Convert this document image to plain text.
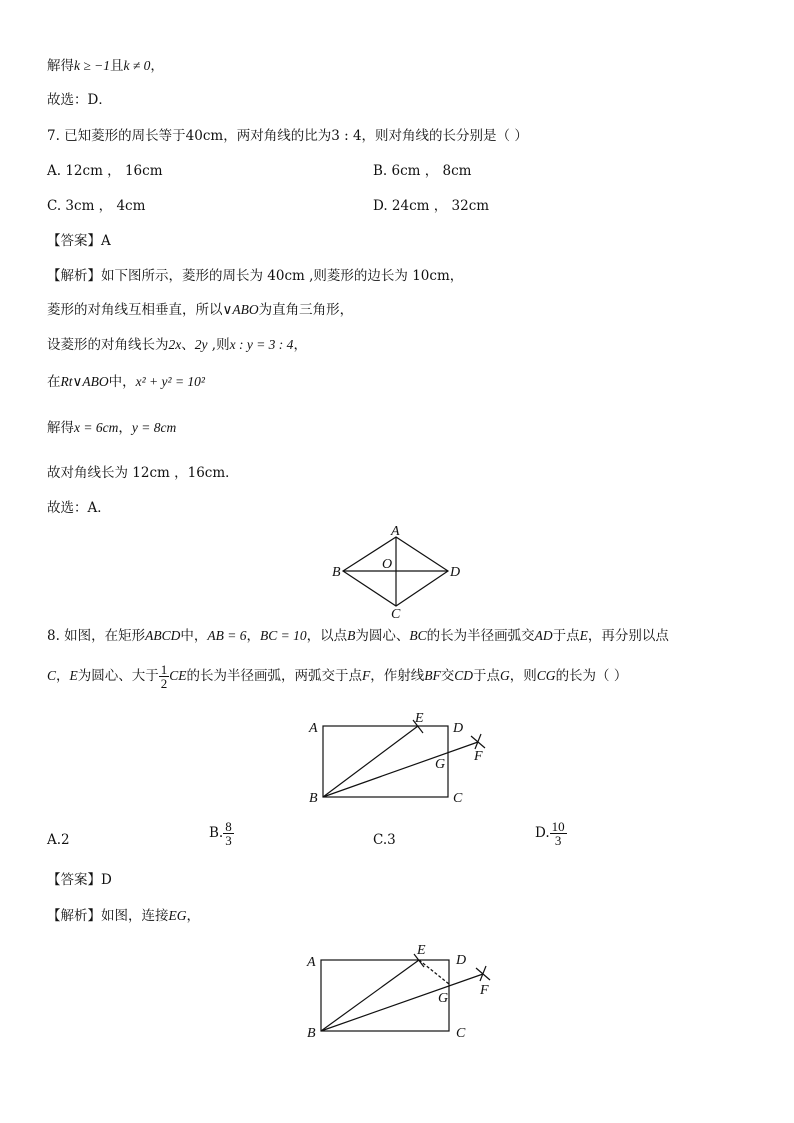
解得k ≥ −1且k ≠ 0，
故选：D．
7. 已知菱形的周长等于40cm，两对角线的比为3 : 4，则对角线的长分别是（ ）
A. 12cm ， 16cm	B. 6cm ， 8cm
C. 3cm ， 4cm	D. 24cm ， 32cm
【答案】A
【解析】如下图所示，菱形的周长为 40cm ,则菱形的边长为 10cm，
菱形的对角线互相垂直，所以∨ABO为直角三角形，
设菱形的对角线长为2x、2y ,则x : y = 3 : 4，
在Rt∨ABO中，x² + y² = 10²
解得x = 6cm，y = 8cm
故对角线长为 12cm ，16cm．
故选：A．
A
B
C
D
O
8. 如图，在矩形ABCD中，AB = 6，BC = 10，以点B为圆心、BC的长为半径画弧交AD于点E，再分别以点
C，E为圆心、大于 $\frac{1}{2}$ CE的长为半径画弧，两弧交于点F，作射线BF交CD于点G，则CG的长为（ ）
A
B	C
D
E
F
G
A.2	B. $\frac{8}{3}$	C.3	D. $\frac{10}{3}$
【答案】D
【解析】如图，连接EG，
A
B	C
D
E
F
G
